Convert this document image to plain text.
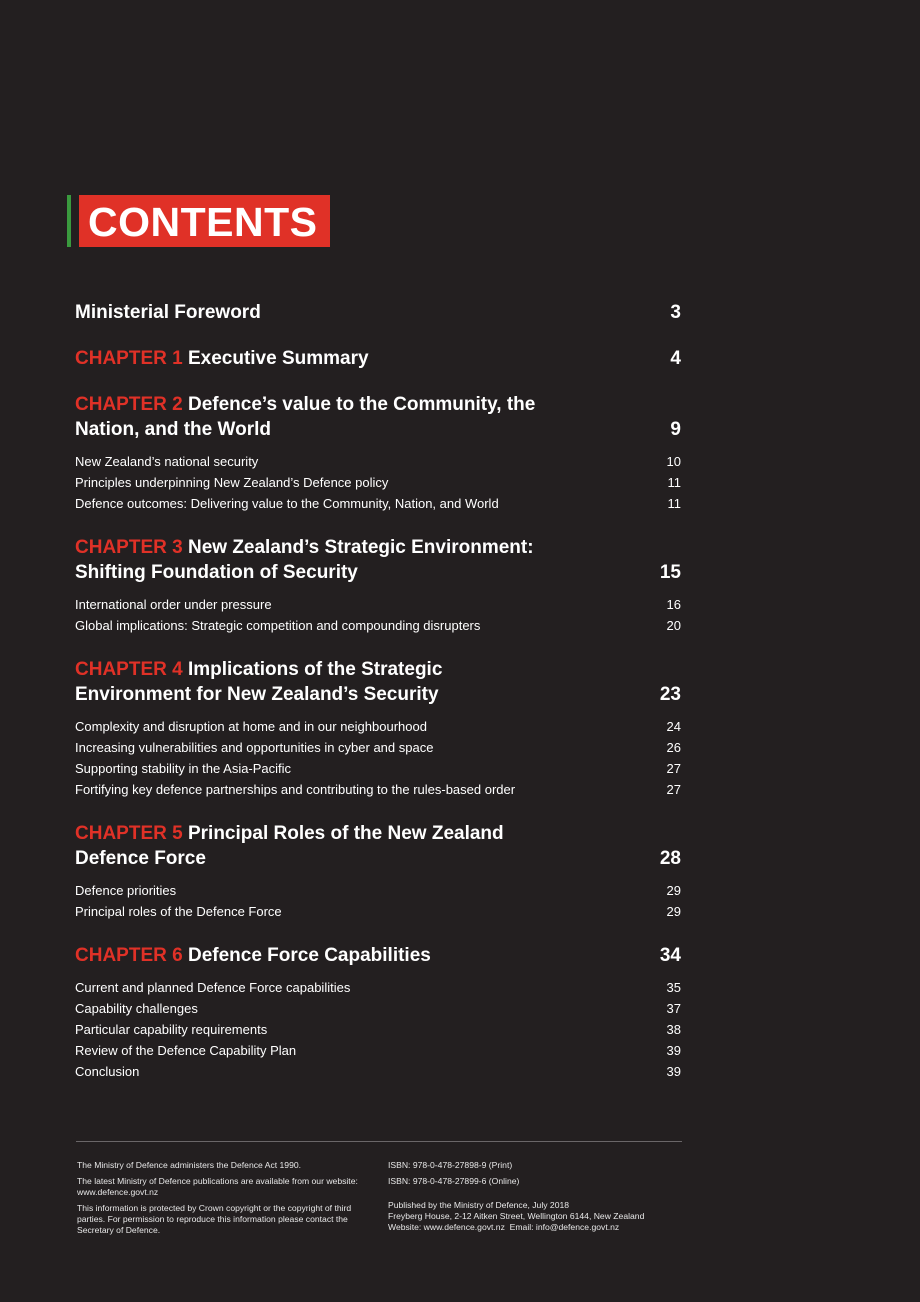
CONTENTS
Ministerial Foreword	3
CHAPTER 1 Executive Summary	4
CHAPTER 2 Defence’s value to the Community, the Nation, and the World	9
New Zealand’s national security	10
Principles underpinning New Zealand’s Defence policy	11
Defence outcomes: Delivering value to the Community, Nation, and World	11
CHAPTER 3 New Zealand’s Strategic Environment: Shifting Foundation of Security	15
International order under pressure	16
Global implications: Strategic competition and compounding disrupters	20
CHAPTER 4 Implications of the Strategic Environment for New Zealand’s Security	23
Complexity and disruption at home and in our neighbourhood	24
Increasing vulnerabilities and opportunities in cyber and space	26
Supporting stability in the Asia-Pacific	27
Fortifying key defence partnerships and contributing to the rules-based order	27
CHAPTER 5 Principal Roles of the New Zealand Defence Force	28
Defence priorities	29
Principal roles of the Defence Force	29
CHAPTER 6 Defence Force Capabilities	34
Current and planned Defence Force capabilities	35
Capability challenges	37
Particular capability requirements	38
Review of the Defence Capability Plan	39
Conclusion	39

The Ministry of Defence administers the Defence Act 1990.

The latest Ministry of Defence publications are available from our website: www.defence.govt.nz

This information is protected by Crown copyright or the copyright of third parties. For permission to reproduce this information please contact the Secretary of Defence.

ISBN: 978-0-478-27898-9 (Print)

ISBN: 978-0-478-27899-6 (Online)

Published by the Ministry of Defence, July 2018
Freyberg House, 2-12 Aitken Street, Wellington 6144, New Zealand
Website: www.defence.govt.nz  Email: info@defence.govt.nz
